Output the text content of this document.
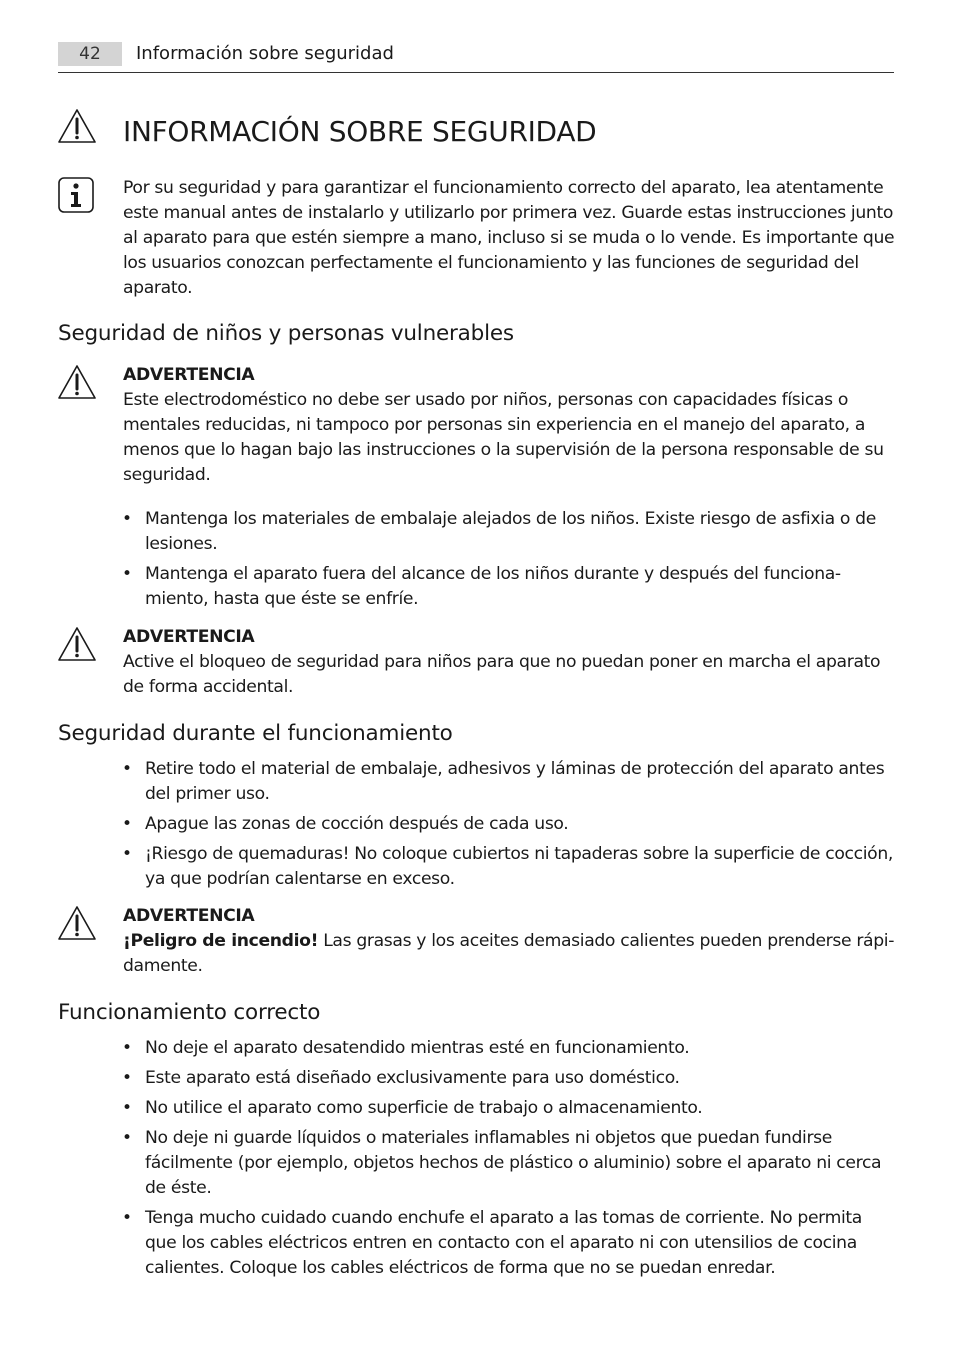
42	Información sobre seguridad
INFORMACIÓN SOBRE SEGURIDAD

Por su seguridad y para garantizar el funcionamiento correcto del aparato, lea atentamente este manual antes de instalarlo y utilizarlo por primera vez. Guarde estas instrucciones junto al aparato para que estén siempre a mano, incluso si se muda o lo vende. Es importante que los usuarios conozcan perfectamente el funcionamiento y las funciones de seguridad del aparato.

Seguridad de niños y personas vulnerables
ADVERTENCIA
Este electrodoméstico no debe ser usado por niños, personas con capacidades físicas o mentales reducidas, ni tampoco por personas sin experiencia en el manejo del aparato, a menos que lo hagan bajo las instrucciones o la supervisión de la persona responsable de su seguridad.
• Mantenga los materiales de embalaje alejados de los niños. Existe riesgo de asfixia o de lesiones.
• Mantenga el aparato fuera del alcance de los niños durante y después del funcionamiento, hasta que éste se enfríe.
ADVERTENCIA
Active el bloqueo de seguridad para niños para que no puedan poner en marcha el aparato de forma accidental.
Seguridad durante el funcionamiento
• Retire todo el material de embalaje, adhesivos y láminas de protección del aparato antes del primer uso.
• Apague las zonas de cocción después de cada uso.
• ¡Riesgo de quemaduras! No coloque cubiertos ni tapaderas sobre la superficie de cocción, ya que podrían calentarse en exceso.
ADVERTENCIA
¡Peligro de incendio! Las grasas y los aceites demasiado calientes pueden prenderse rápidamente.
Funcionamiento correcto
• No deje el aparato desatendido mientras esté en funcionamiento.
• Este aparato está diseñado exclusivamente para uso doméstico.
• No utilice el aparato como superficie de trabajo o almacenamiento.
• No deje ni guarde líquidos o materiales inflamables ni objetos que puedan fundirse fácilmente (por ejemplo, objetos hechos de plástico o aluminio) sobre el aparato ni cerca de éste.
• Tenga mucho cuidado cuando enchufe el aparato a las tomas de corriente. No permita que los cables eléctricos entren en contacto con el aparato ni con utensilios de cocina calientes. Coloque los cables eléctricos de forma que no se puedan enredar.
